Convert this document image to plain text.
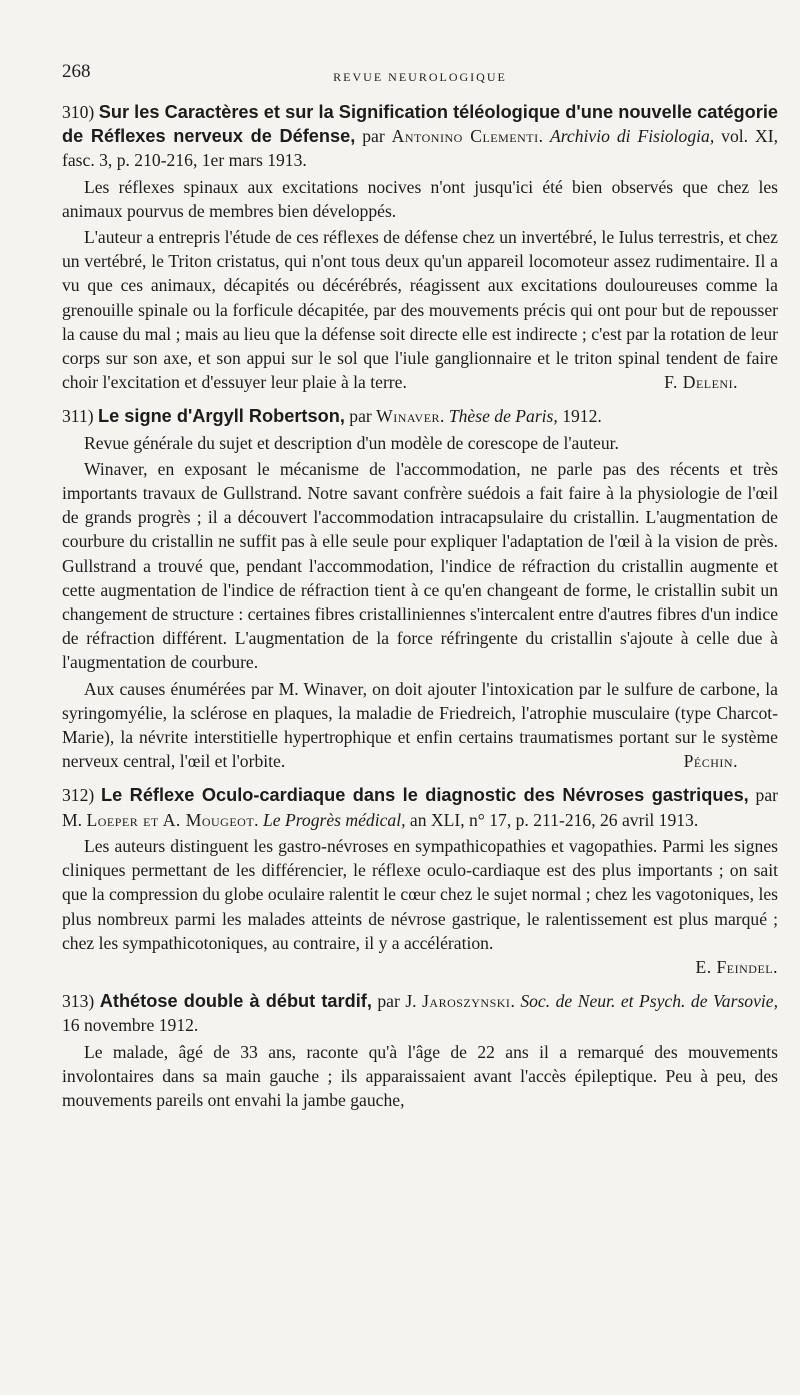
268	REVUE NEUROLOGIQUE

310) Sur les Caractères et sur la Signification téléologique d'une nouvelle catégorie de Réflexes nerveux de Défense, par Antonino Clementi. Archivio di Fisiologia, vol. XI, fasc. 3, p. 210-216, 1er mars 1913.

Les réflexes spinaux aux excitations nocives n'ont jusqu'ici été bien observés que chez les animaux pourvus de membres bien développés.

L'auteur a entrepris l'étude de ces réflexes de défense chez un invertébré, le Iulus terrestris, et chez un vertébré, le Triton cristatus, qui n'ont tous deux qu'un appareil locomoteur assez rudimentaire. Il a vu que ces animaux, décapités ou décérébrés, réagissent aux excitations douloureuses comme la grenouille spinale ou la forficule décapitée, par des mouvements précis qui ont pour but de repousser la cause du mal ; mais au lieu que la défense soit directe elle est indirecte ; c'est par la rotation de leur corps sur son axe, et son appui sur le sol que l'iule ganglionnaire et le triton spinal tendent de faire choir l'excitation et d'essuyer leur plaie à la terre.	F. Deleni.

311) Le signe d'Argyll Robertson, par Winaver. Thèse de Paris, 1912.

Revue générale du sujet et description d'un modèle de corescope de l'auteur.

Winaver, en exposant le mécanisme de l'accommodation, ne parle pas des récents et très importants travaux de Gullstrand. Notre savant confrère suédois a fait faire à la physiologie de l'œil de grands progrès ; il a découvert l'accommodation intracapsulaire du cristallin. L'augmentation de courbure du cristallin ne suffit pas à elle seule pour expliquer l'adaptation de l'œil à la vision de près. Gullstrand a trouvé que, pendant l'accommodation, l'indice de réfraction du cristallin augmente et cette augmentation de l'indice de réfraction tient à ce qu'en changeant de forme, le cristallin subit un changement de structure : certaines fibres cristalliniennes s'intercalent entre d'autres fibres d'un indice de réfraction différent. L'augmentation de la force réfringente du cristallin s'ajoute à celle due à l'augmentation de courbure.

Aux causes énumérées par M. Winaver, on doit ajouter l'intoxication par le sulfure de carbone, la syringomyélie, la sclérose en plaques, la maladie de Friedreich, l'atrophie musculaire (type Charcot-Marie), la névrite interstitielle hypertrophique et enfin certains traumatismes portant sur le système nerveux central, l'œil et l'orbite.	Péchin.

312) Le Réflexe Oculo-cardiaque dans le diagnostic des Névroses gastriques, par M. Loeper et A. Mougeot. Le Progrès médical, an XLI, n° 17, p. 211-216, 26 avril 1913.

Les auteurs distinguent les gastro-névroses en sympathicopathies et vagopathies. Parmi les signes cliniques permettant de les différencier, le réflexe oculo-cardiaque est des plus importants ; on sait que la compression du globe oculaire ralentit le cœur chez le sujet normal ; chez les vagotoniques, les plus nombreux parmi les malades atteints de névrose gastrique, le ralentissement est plus marqué ; chez les sympathicotoniques, au contraire, il y a accélération.

E. Feindel.

313) Athétose double à début tardif, par J. Jaroszynski. Soc. de Neur. et Psych. de Varsovie, 16 novembre 1912.

Le malade, âgé de 33 ans, raconte qu'à l'âge de 22 ans il a remarqué des mouvements involontaires dans sa main gauche ; ils apparaissaient avant l'accès épileptique. Peu à peu, des mouvements pareils ont envahi la jambe gauche,
